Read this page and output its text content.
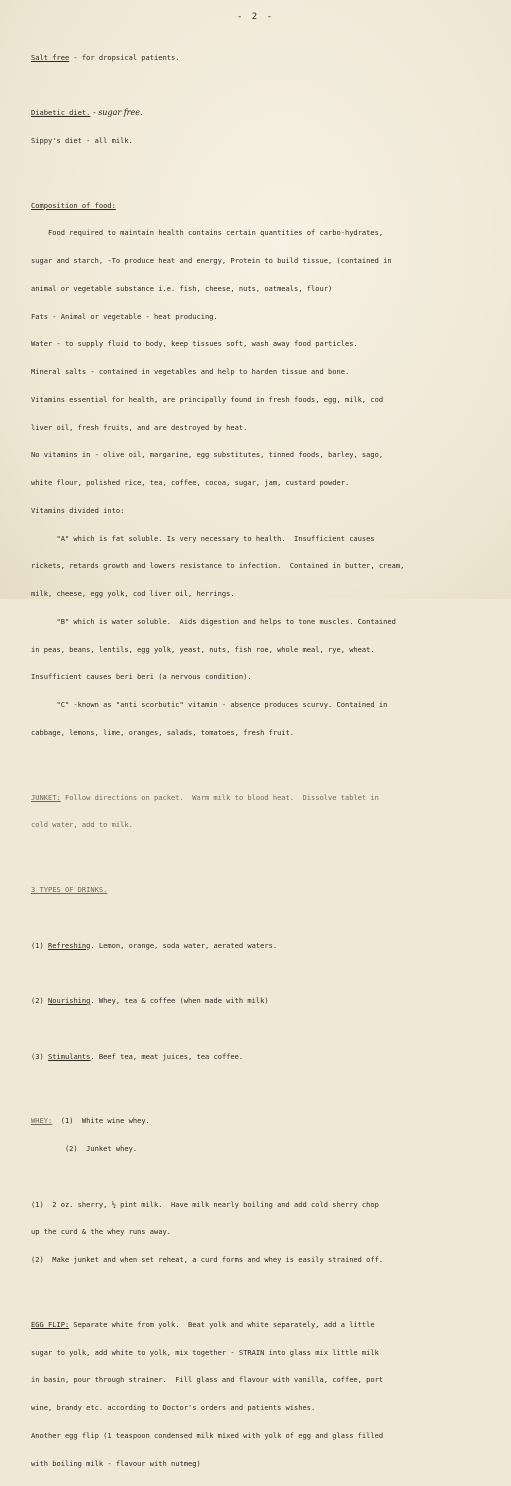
- 2 -

Salt free - for dropsical patients.

Diabetic diet. - sugar free.

Sippy's diet - all milk.

Composition of food:

Food required to maintain health contains certain quantities of carbo-hydrates,

sugar and starch, -To produce heat and energy, Protein to build tissue, (contained in

animal or vegetable substance i.e. fish, cheese, nuts, oatmeals, flour)

Fats - Animal or vegetable - heat producing.

Water - to supply fluid to body, keep tissues soft, wash away food particles.

Mineral salts - contained in vegetables and help to harden tissue and bone.

Vitamins essential for health, are principally found in fresh foods, egg, milk, cod

liver oil, fresh fruits, and are destroyed by heat.

No vitamins in - olive oil, margarine, egg substitutes, tinned foods, barley, sago,

white flour, polished rice, tea, coffee, cocoa, sugar, jam, custard powder.

Vitamins divided into:

"A" which is fat soluble. Is very necessary to health.  Insufficient causes

rickets, retards growth and lowers resistance to infection.  Contained in butter, cream,

milk, cheese, egg yolk, cod liver oil, herrings.

"B" which is water soluble.  Aids digestion and helps to tone muscles. Contained

in peas, beans, lentils, egg yolk, yeast, nuts, fish roe, whole meal, rye, wheat.

Insufficient causes beri beri (a nervous condition).

"C" -known as "anti scorbutic" vitamin - absence produces scurvy. Contained in

cabbage, lemons, lime, oranges, salads, tomatoes, fresh fruit.

JUNKET: Follow directions on packet.  Warm milk to blood heat.  Dissolve tablet in

cold water, add to milk.

3 TYPES OF DRINKS.

(1) Refreshing. Lemon, orange, soda water, aerated waters.

(2) Nourishing. Whey, tea & coffee (when made with milk)

(3) Stimulants. Beef tea, meat juices, tea coffee.

WHEY:  (1)  White wine whey.

(2)  Junket whey.

(1)  2 oz. sherry, ½ pint milk.  Have milk nearly boiling and add cold sherry chop

up the curd & the whey runs away.

(2)  Make junket and when set reheat, a curd forms and whey is easily strained off.

EGG FLIP: Separate white from yolk.  Beat yolk and white separately, add a little

sugar to yolk, add white to yolk, mix together - STRAIN into glass mix little milk

in basin, pour through strainer.  Fill glass and flavour with vanilla, coffee, port

wine, brandy etc. according to Doctor's orders and patients wishes.

Another egg flip (1 teaspoon condensed milk mixed with yolk of egg and glass filled

with boiling milk - flavour with nutmeg)
